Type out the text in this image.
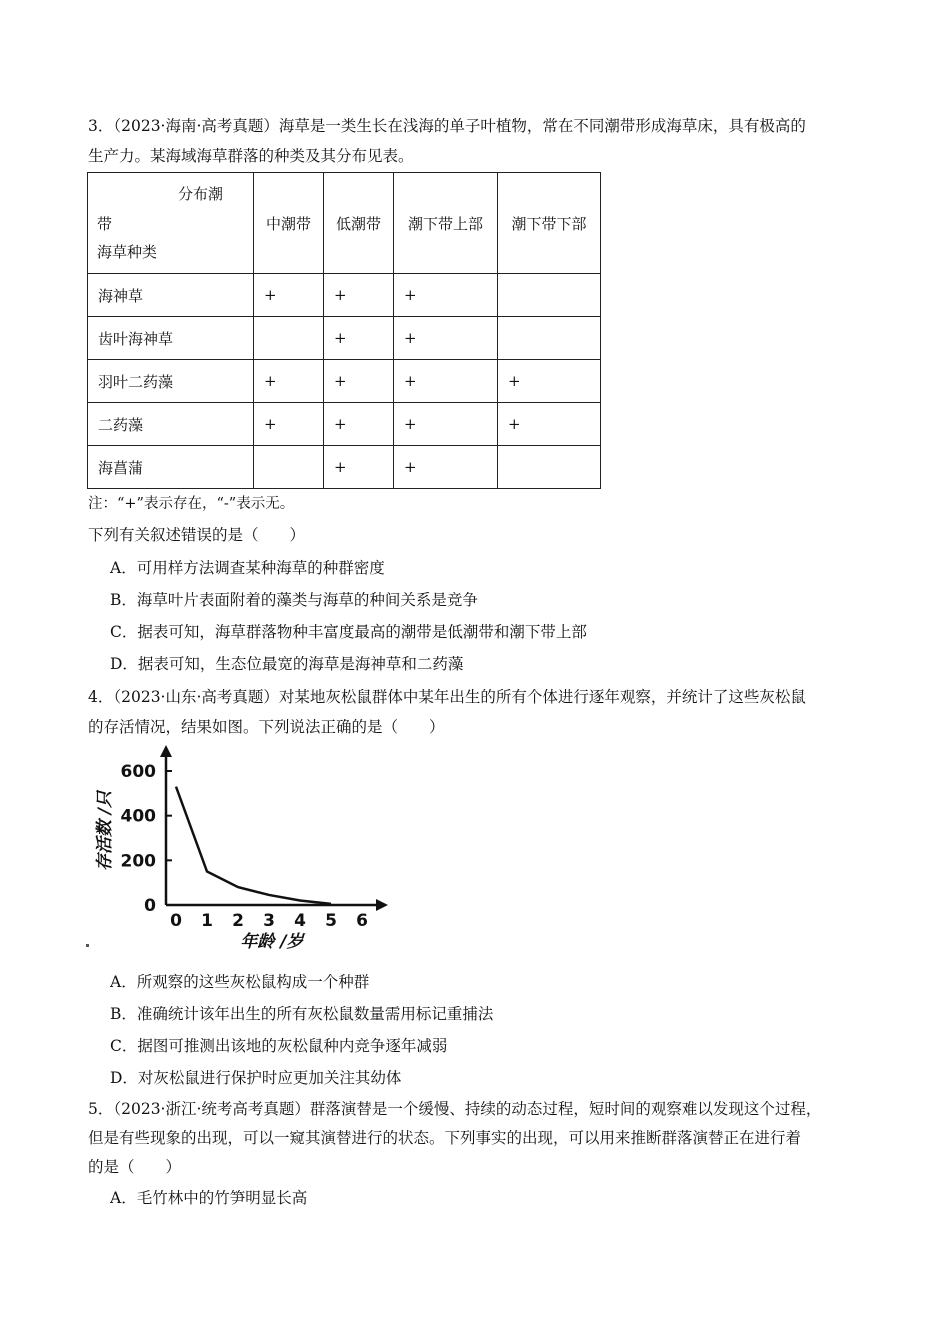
3．（2023·海南·高考真题）海草是一类生长在浅海的单子叶植物，常在不同潮带形成海草床，具有极高的
生产力。某海域海草群落的种类及其分布见表。
分布潮
带
海草种类	中潮带	低潮带	潮下带上部	潮下带下部
海神草	+	+	+	
齿叶海神草		+	+	
羽叶二药藻	+	+	+	+
二药藻	+	+	+	+
海菖蒲		+	+	
注：“+”表示存在，“-”表示无。
下列有关叙述错误的是（　　）
A．可用样方法调查某种海草的种群密度
B．海草叶片表面附着的藻类与海草的种间关系是竞争
C．据表可知，海草群落物种丰富度最高的潮带是低潮带和潮下带上部
D．据表可知，生态位最宽的海草是海神草和二药藻
4．（2023·山东·高考真题）对某地灰松鼠群体中某年出生的所有个体进行逐年观察，并统计了这些灰松鼠
的存活情况，结果如图。下列说法正确的是（　　）
0 1 2 3 4 5 6
0
200
400
600
年龄 /岁
存活数 /只
A．所观察的这些灰松鼠构成一个种群
B．准确统计该年出生的所有灰松鼠数量需用标记重捕法
C．据图可推测出该地的灰松鼠种内竞争逐年减弱
D．对灰松鼠进行保护时应更加关注其幼体
5．（2023·浙江·统考高考真题）群落演替是一个缓慢、持续的动态过程，短时间的观察难以发现这个过程，
但是有些现象的出现，可以一窥其演替进行的状态。下列事实的出现，可以用来推断群落演替正在进行着
的是（　　）
A．毛竹林中的竹笋明显长高
